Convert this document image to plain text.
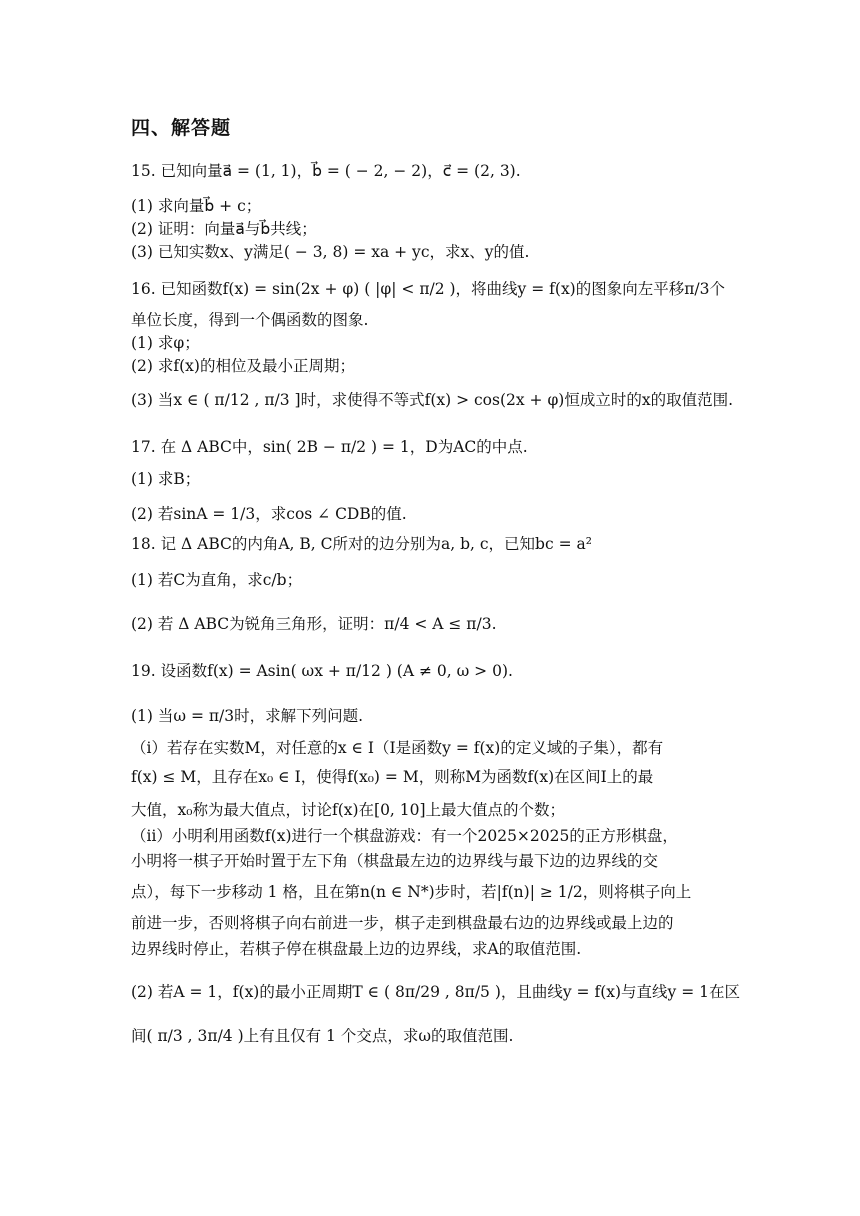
四、解答题
15. 已知向量a⃗ = (1, 1)，b⃗ = ( − 2, − 2)，c⃗ = (2, 3).
(1) 求向量b⃗ + c；
(2) 证明：向量a⃗与b⃗共线；
(3) 已知实数x、y满足( − 3, 8) = xa + yc，求x、y的值.
16. 已知函数f(x) = sin(2x + φ) ( |φ| < π/2 )，将曲线y = f(x)的图象向左平移π/3个
单位长度，得到一个偶函数的图象.
(1) 求φ；
(2) 求f(x)的相位及最小正周期；
(3) 当x ∈ ( π/12 , π/3 ]时，求使得不等式f(x) > cos(2x + φ)恒成立时的x的取值范围.
17. 在 Δ ABC中，sin( 2B − π/2 ) = 1，D为AC的中点.
(1) 求B；
(2) 若sinA = 1/3，求cos ∠ CDB的值.
18. 记 Δ ABC的内角A, B, C所对的边分别为a, b, c，已知bc = a²
(1) 若C为直角，求c/b；
(2) 若 Δ ABC为锐角三角形，证明：π/4 < A ≤ π/3.
19. 设函数f(x) = Asin( ωx + π/12 ) (A ≠ 0, ω > 0).
(1) 当ω = π/3时，求解下列问题.
（ⅰ）若存在实数M，对任意的x ∈ I（I是函数y = f(x)的定义域的子集），都有
f(x) ≤ M，且存在x₀ ∈ I，使得f(x₀) = M，则称M为函数f(x)在区间I上的最
大值，x₀称为最大值点，讨论f(x)在[0, 10]上最大值点的个数；
（ⅱ）小明利用函数f(x)进行一个棋盘游戏：有一个2025×2025的正方形棋盘，
小明将一棋子开始时置于左下角（棋盘最左边的边界线与最下边的边界线的交
点），每下一步移动 1 格，且在第n(n ∈ N*)步时，若|f(n)| ≥ 1/2，则将棋子向上
前进一步，否则将棋子向右前进一步，棋子走到棋盘最右边的边界线或最上边的
边界线时停止，若棋子停在棋盘最上边的边界线，求A的取值范围.
(2) 若A = 1，f(x)的最小正周期T ∈ ( 8π/29 , 8π/5 )，且曲线y = f(x)与直线y = 1在区
间( π/3 , 3π/4 )上有且仅有 1 个交点，求ω的取值范围.
